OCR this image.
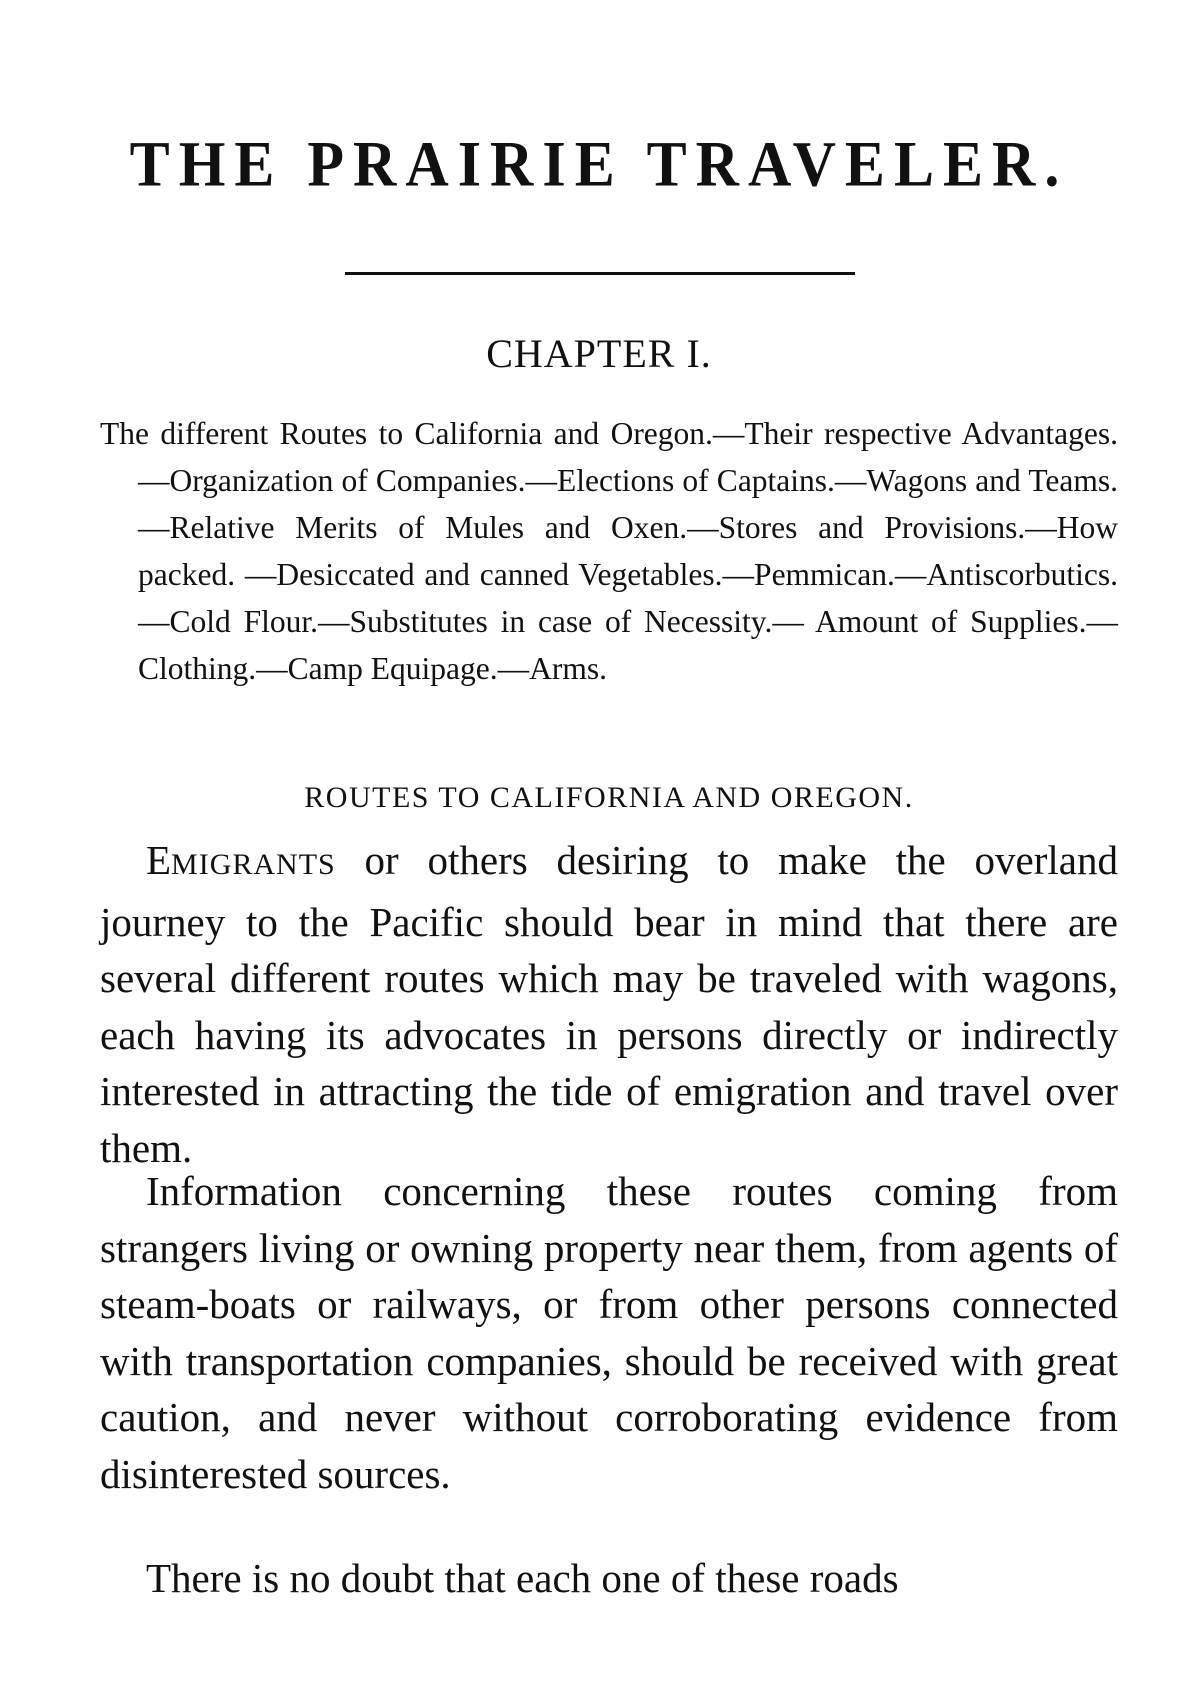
THE PRAIRIE TRAVELER.
CHAPTER I.

The different Routes to California and Oregon.—Their respective Advantages.—Organization of Companies.—Elections of Captains.—Wagons and Teams.—Relative Merits of Mules and Oxen.—Stores and Provisions.—How packed. —Desiccated and canned Vegetables.—Pemmican.—Antiscorbutics.—Cold Flour.—Substitutes in case of Necessity.— Amount of Supplies.—Clothing.—Camp Equipage.—Arms.

ROUTES TO CALIFORNIA AND OREGON.

EMIGRANTS or others desiring to make the overland journey to the Pacific should bear in mind that there are several different routes which may be traveled with wagons, each having its advocates in persons directly or indirectly interested in attracting the tide of emigration and travel over them.

Information concerning these routes coming from strangers living or owning property near them, from agents of steam-boats or railways, or from other persons connected with transportation companies, should be received with great caution, and never without corroborating evidence from disinterested sources.

There is no doubt that each one of these roads
